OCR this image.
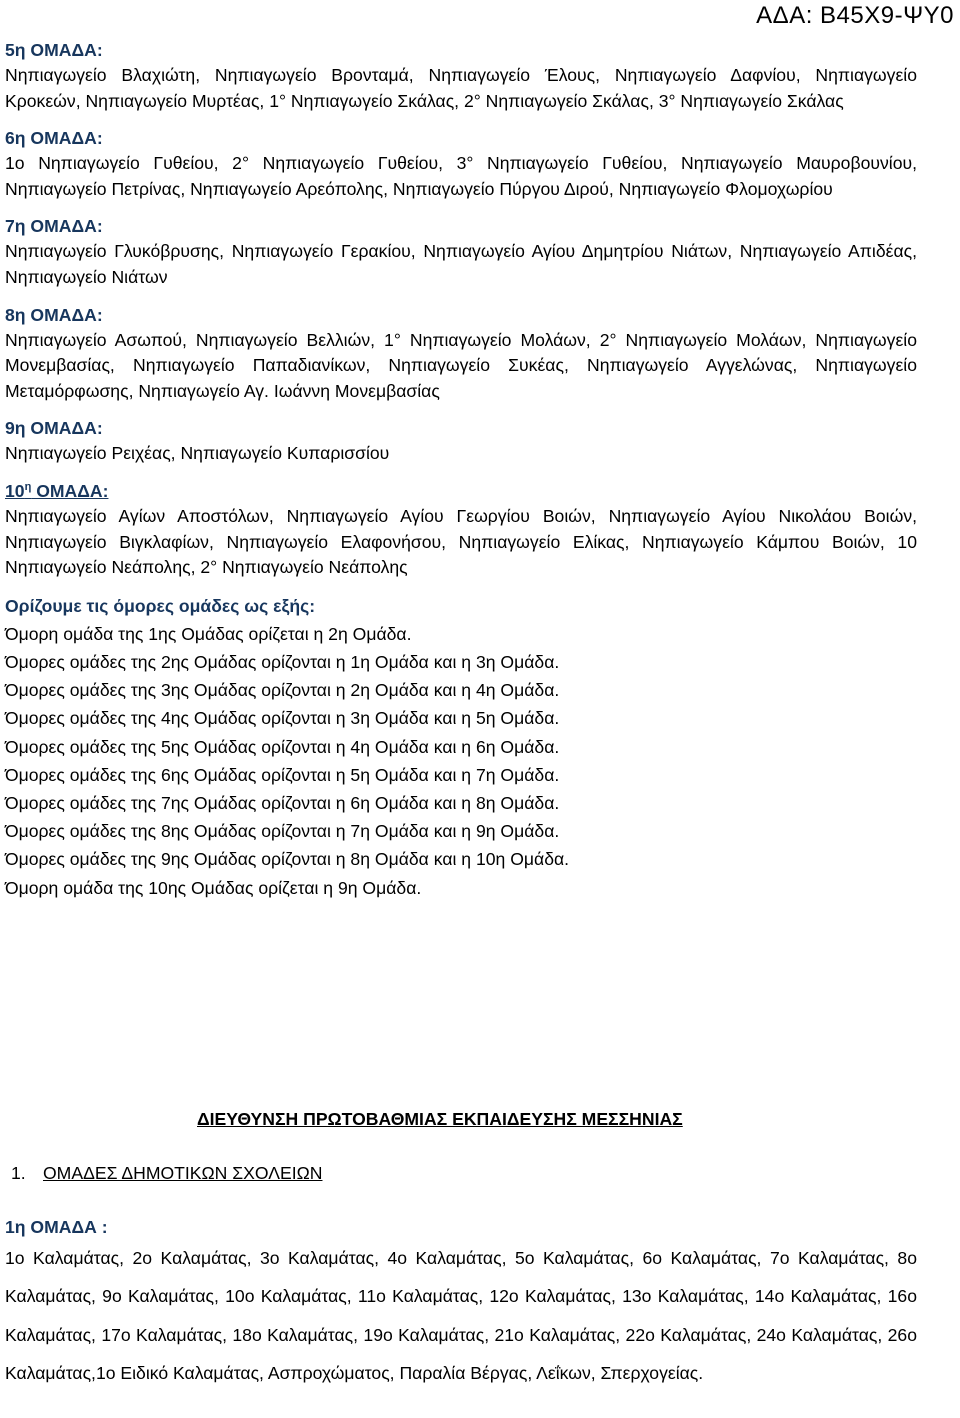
ΑΔΑ: Β45Χ9-ΨΥ0
5η ΟΜΑΔΑ:
Νηπιαγωγείο Βλαχιώτη, Νηπιαγωγείο Βρονταμά, Νηπιαγωγείο Έλους, Νηπιαγωγείο Δαφνίου, Νηπιαγωγείο Κροκεών, Νηπιαγωγείο Μυρτέας, 1° Νηπιαγωγείο Σκάλας, 2° Νηπιαγωγείο Σκάλας, 3° Νηπιαγωγείο Σκάλας
6η ΟΜΑΔΑ:
1ο Νηπιαγωγείο Γυθείου, 2° Νηπιαγωγείο Γυθείου, 3° Νηπιαγωγείο Γυθείου, Νηπιαγωγείο Μαυροβουνίου, Νηπιαγωγείο Πετρίνας, Νηπιαγωγείο Αρεόπολης, Νηπιαγωγείο Πύργου Διρού, Νηπιαγωγείο Φλομοχωρίου
7η ΟΜΑΔΑ:
Νηπιαγωγείο Γλυκόβρυσης, Νηπιαγωγείο Γερακίου, Νηπιαγωγείο Αγίου Δημητρίου Νιάτων, Νηπιαγωγείο Απιδέας, Νηπιαγωγείο Νιάτων
8η ΟΜΑΔΑ:
Νηπιαγωγείο Ασωπού, Νηπιαγωγείο Βελλιών, 1° Νηπιαγωγείο Μολάων, 2° Νηπιαγωγείο Μολάων, Νηπιαγωγείο Μονεμβασίας, Νηπιαγωγείο Παπαδιανίκων, Νηπιαγωγείο Συκέας, Νηπιαγωγείο Αγγελώνας, Νηπιαγωγείο Μεταμόρφωσης, Νηπιαγωγείο Αγ. Ιωάννη Μονεμβασίας
9η ΟΜΑΔΑ:
Νηπιαγωγείο Ρειχέας, Νηπιαγωγείο Κυπαρισσίου
$10^\eta$ ΟΜΑΔΑ:
Νηπιαγωγείο Αγίων Αποστόλων, Νηπιαγωγείο Αγίου Γεωργίου Βοιών, Νηπιαγωγείο Αγίου Νικολάου Βοιών, Νηπιαγωγείο Βιγκλαφίων, Νηπιαγωγείο Ελαφονήσου, Νηπιαγωγείο Ελίκας, Νηπιαγωγείο Κάμπου Βοιών, 10 Νηπιαγωγείο Νεάπολης, 2° Νηπιαγωγείο Νεάπολης
Ορίζουμε τις όμορες ομάδες ως εξής:
Όμορη ομάδα της 1ης Ομάδας ορίζεται η 2η Ομάδα.
Όμορες ομάδες της 2ης Ομάδας ορίζονται η 1η Ομάδα και η 3η Ομάδα.
Όμορες ομάδες της 3ης Ομάδας ορίζονται η 2η Ομάδα και η 4η Ομάδα.
Όμορες ομάδες της 4ης Ομάδας ορίζονται η 3η Ομάδα και η 5η Ομάδα.
Όμορες ομάδες της 5ης Ομάδας ορίζονται η 4η Ομάδα και η 6η Ομάδα.
Όμορες ομάδες της 6ης Ομάδας ορίζονται η 5η Ομάδα και η 7η Ομάδα.
Όμορες ομάδες της 7ης Ομάδας ορίζονται η 6η Ομάδα και η 8η Ομάδα.
Όμορες ομάδες της 8ης Ομάδας ορίζονται η 7η Ομάδα και η 9η Ομάδα.
Όμορες ομάδες της 9ης Ομάδας ορίζονται η 8η Ομάδα και η 10η Ομάδα.
Όμορη ομάδα της 10ης Ομάδας ορίζεται η 9η Ομάδα.
ΔΙΕΥΘΥΝΣΗ ΠΡΩΤΟΒΑΘΜΙΑΣ ΕΚΠΑΙΔΕΥΣΗΣ ΜΕΣΣΗΝΙΑΣ
1. ΟΜΑΔΕΣ ΔΗΜΟΤΙΚΩΝ ΣΧΟΛΕΙΩΝ
1η ΟΜΑΔΑ :
1ο Καλαμάτας, 2ο Καλαμάτας, 3ο Καλαμάτας, 4ο Καλαμάτας, 5ο Καλαμάτας, 6ο Καλαμάτας, 7ο Καλαμάτας, 8ο Καλαμάτας, 9ο Καλαμάτας, 10ο Καλαμάτας, 11ο Καλαμάτας, 12ο Καλαμάτας, 13ο Καλαμάτας, 14ο Καλαμάτας, 16ο Καλαμάτας, 17ο Καλαμάτας, 18ο Καλαμάτας, 19ο Καλαμάτας, 21ο Καλαμάτας, 22ο Καλαμάτας, 24ο Καλαμάτας, 26ο Καλαμάτας,1ο Ειδικό Καλαμάτας, Ασπροχώματος, Παραλία Βέργας, Λεΐκων, Σπερχογείας.
